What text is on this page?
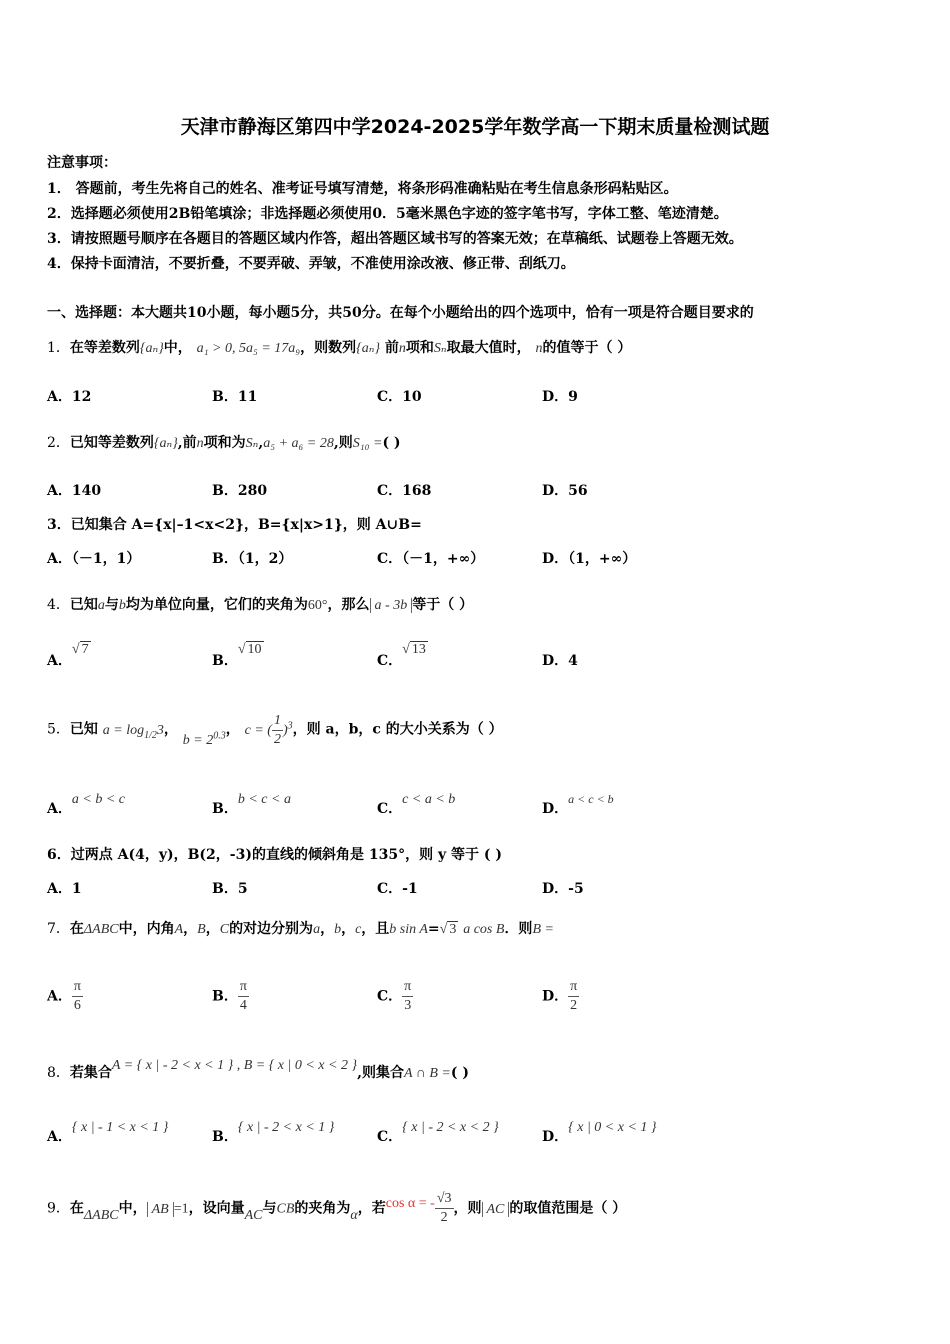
天津市静海区第四中学2024-2025学年数学高一下期末质量检测试题
注意事项：
1． 答题前，考生先将自己的姓名、准考证号填写清楚，将条形码准确粘贴在考生信息条形码粘贴区。
2．选择题必须使用2B铅笔填涂；非选择题必须使用0．5毫米黑色字迹的签字笔书写，字体工整、笔迹清楚。
3．请按照题号顺序在各题目的答题区域内作答，超出答题区域书写的答案无效；在草稿纸、试题卷上答题无效。
4．保持卡面清洁，不要折叠，不要弄破、弄皱，不准使用涂改液、修正带、刮纸刀。
一、选择题：本大题共10小题，每小题5分，共50分。在每个小题给出的四个选项中，恰有一项是符合题目要求的
1．在等差数列{aₙ}中， a₁ > 0, 5a₅ = 17a₉，则数列{aₙ} 前n项和Sₙ取最大值时， n的值等于（ ）
A．12	B．11	C．10	D．9
2．已知等差数列{aₙ},前n项和为Sₙ,a₅ + a₆ = 28,则S₁₀ =( )
A．140	B．280	C．168	D．56
3．已知集合 A={x|–1<x<2}，B={x|x>1}，则 A∪B=
A．（－1，1）	B．（1，2）	C．（－1，+∞）	D．（1，+∞）
4．已知a与b均为单位向量，它们的夹角为60°，那么 a - 3b 等于（ ）
A．√ 7
B．√ 10
C．√ 13
D．4
5．已知 $a = \log_{1/2}3$， $b = 2^{0.3}$， c = ( $\frac{1}{2} )^3$，则 a，b，c 的大小关系为（ ）
A．a < b < c
B．b < c < a
C．c < a < b
D．a < c < b
6．过两点 A(4，y)，B(2，-3)的直线的倾斜角是 135°，则 y 等于 ( )
A．1	B．5	C．-1	D．-5
7．在ΔABC中，内角A，B，C的对边分别为a，b，c，且b sin A=√ 3 a cos B．则B =
A． $\frac{\pi}{6}$	B． $\frac{\pi}{4}$	C． $\frac{\pi}{3}$	D． $\frac{\pi}{2}$
8．若集合A = { x | - 2 < x < 1 } , B = { x | 0 < x < 2 },则集合A ∩ B =( )
A．{ x | - 1 < x < 1 }
B．{ x | - 2 < x < 1 }
C．{ x | - 2 < x < 2 }
D．{ x | 0 < x < 1 }
9．在ΔABC中， AB =1，设向量AC与CB的夹角为α，若cos α = - $\frac{√3}{2}$ ，则 AC 的取值范围是（ ）
